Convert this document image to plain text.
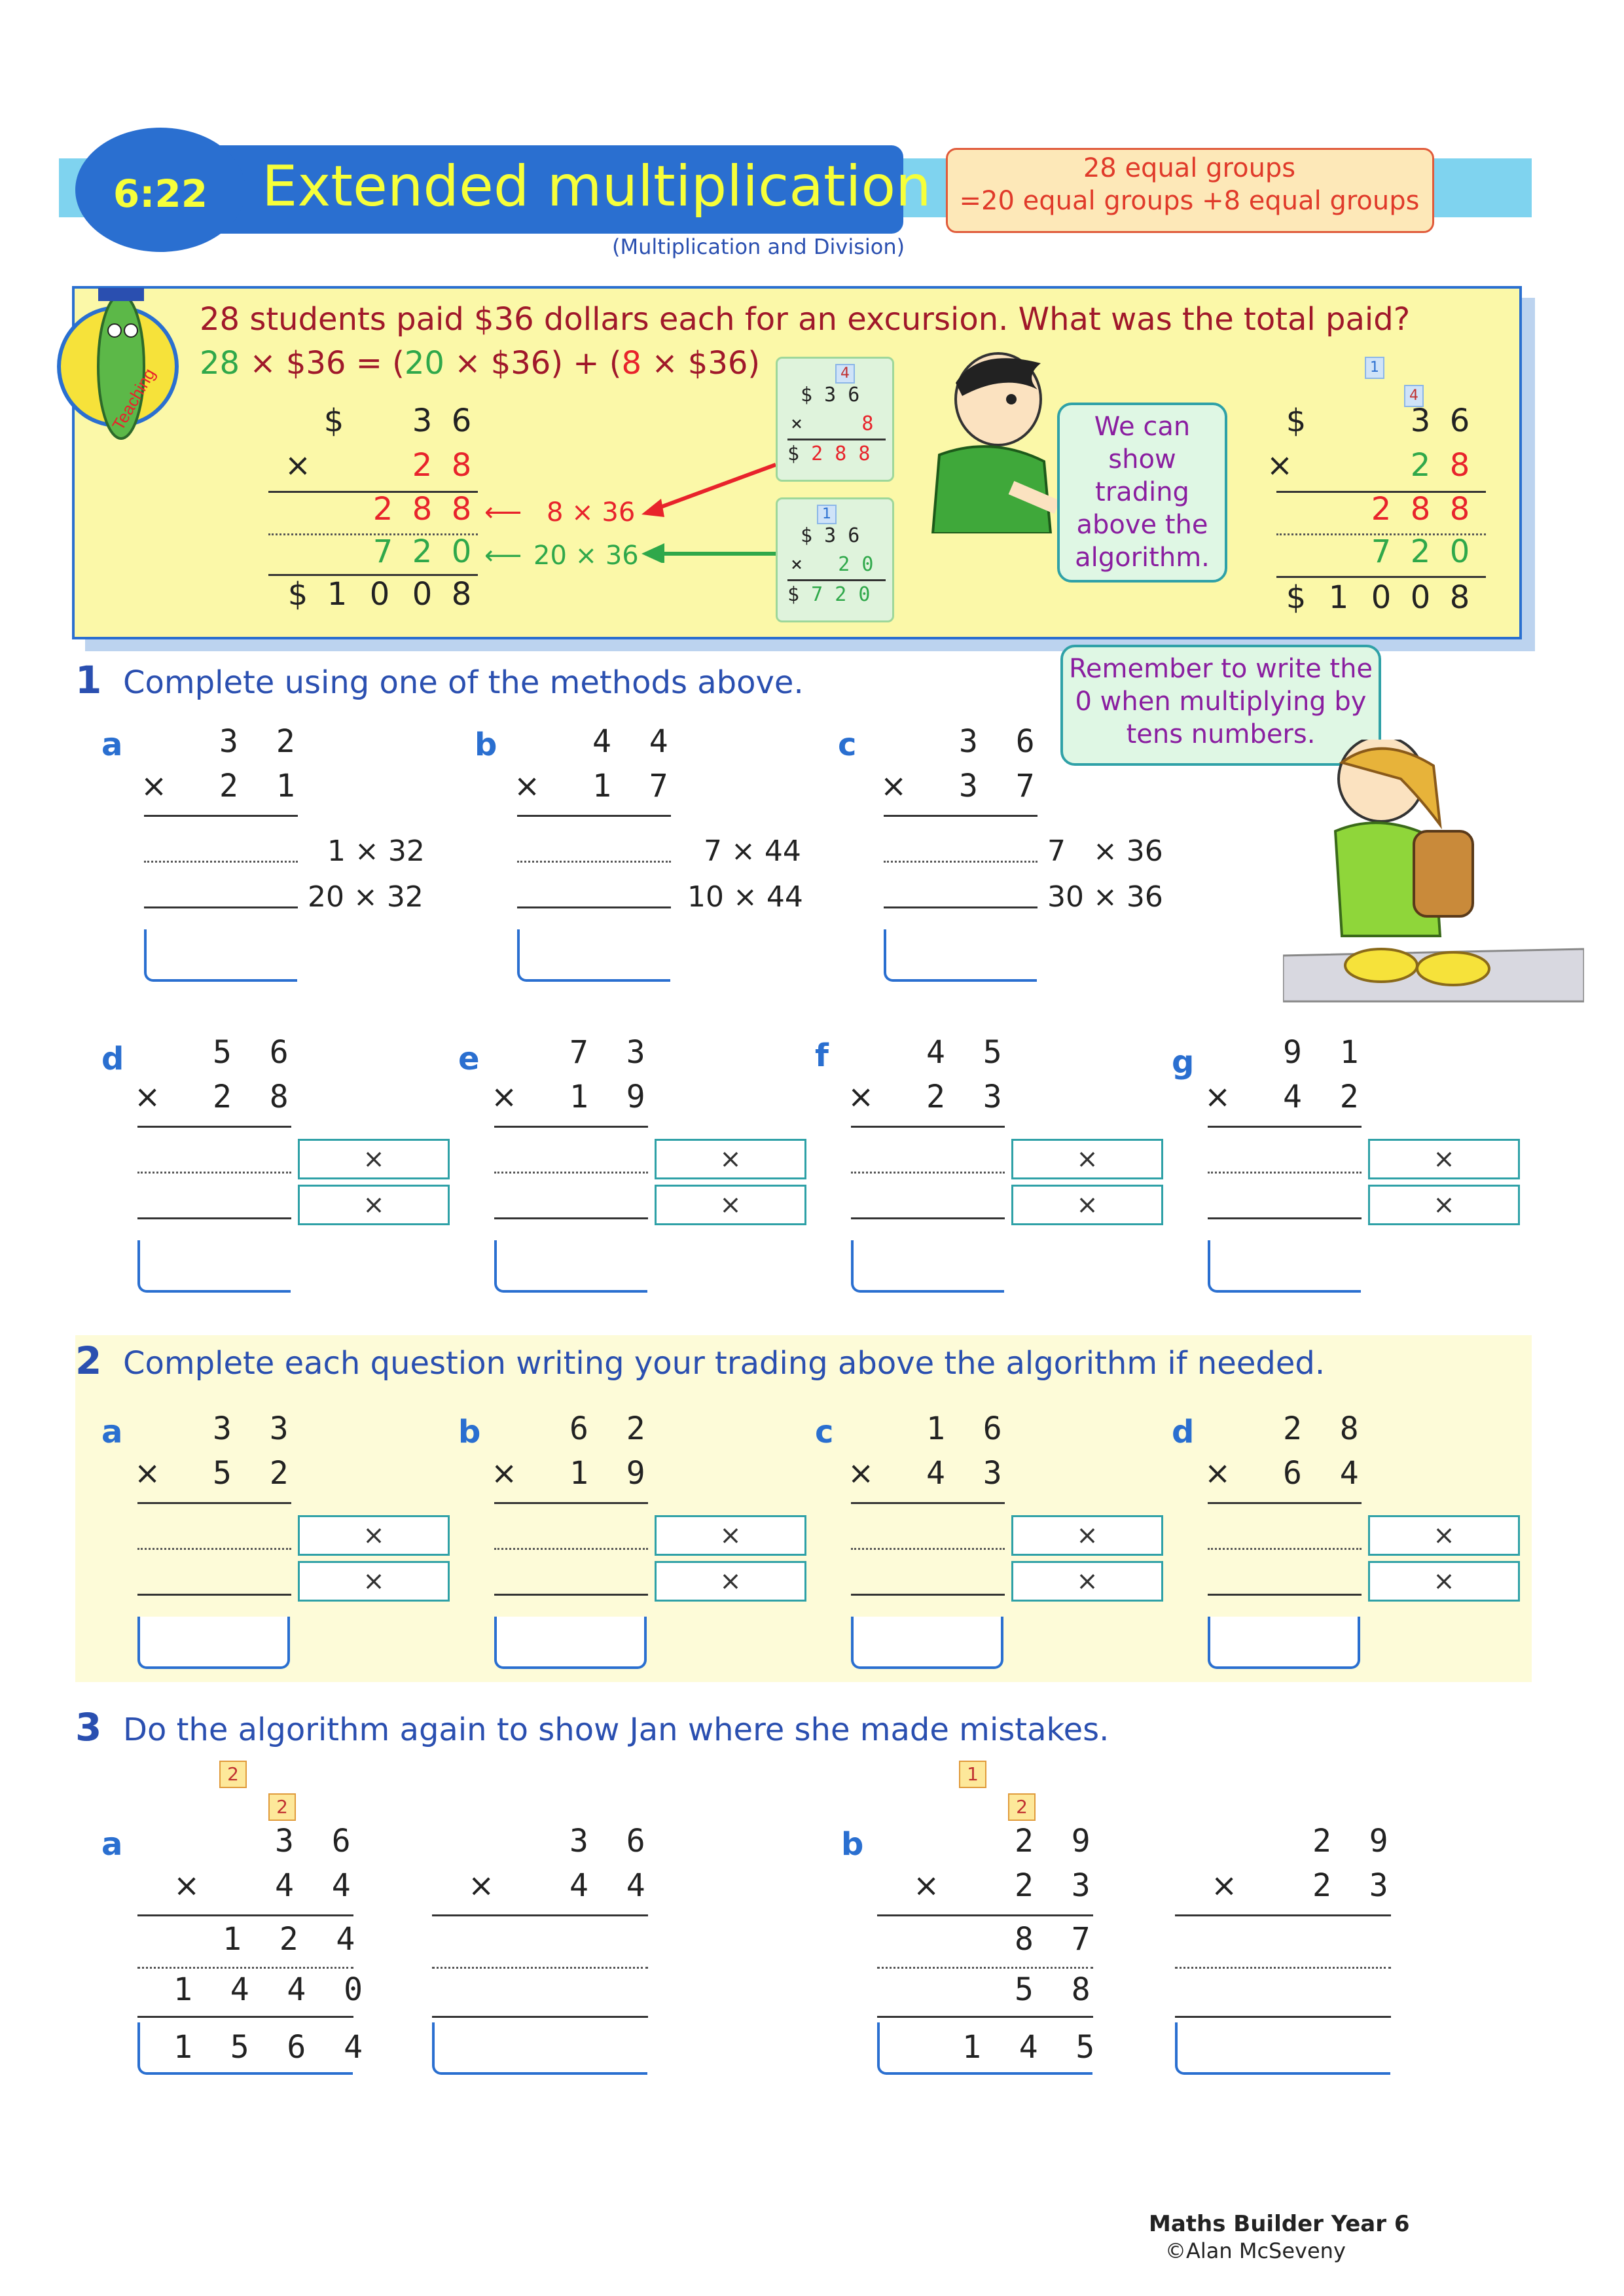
6:22 Extended multiplication
(Multiplication and Division)
28 equal groups
=20 equal groups +8 equal groups
Teaching
28 students paid $36 dollars each for an excursion. What was the total paid?
28 × $36 = (20 × $36) + (8 × $36)
$ 3 6
×	2 8
2 8 8
7 2 0
$ 1 0 0 8
⟵ 8 × 36
⟵ 20 × 36
4
$ 3 6
×	8
$ 2 8 8
1
$ 3 6
× 2 0
$ 7 2 0
We can show trading above the algorithm.
1
4
$	3 6
×	2 8
2 8 8
7 2 0
$ 1 0 0 8
1 Complete using one of the methods above.	Remember to write the 0 when multiplying by tens numbers.
a	3  2
× 2  1
1 × 32
20 × 32
b	4  4
× 1  7
7 × 44
10 × 44
c	3  6
× 3  7
7   × 36
30 × 36
d	5  6
× 2  8
×
×
e	7  3
× 1  9
×
×
f	4  5
× 2  3
×
×
g	9  1
× 4  2
×
×
2 Complete each question writing your trading above the algorithm if needed.
a	3  3
× 5  2
×
×
b	6  2
× 1  9
×
×
c	1  6
× 4  3
×
×
d	2  8
× 6  4
×
×
3 Do the algorithm again to show Jan where she made mistakes.
2
2
a	3  6
× 4  4
1  2  4
1  4  4  0
1  5  6  4
3  6
× 4  4
1
2
b	2  9
× 2  3
8  7
5  8
1  4  5
2  9
× 2  3
Maths Builder Year 6
©Alan McSeveny
